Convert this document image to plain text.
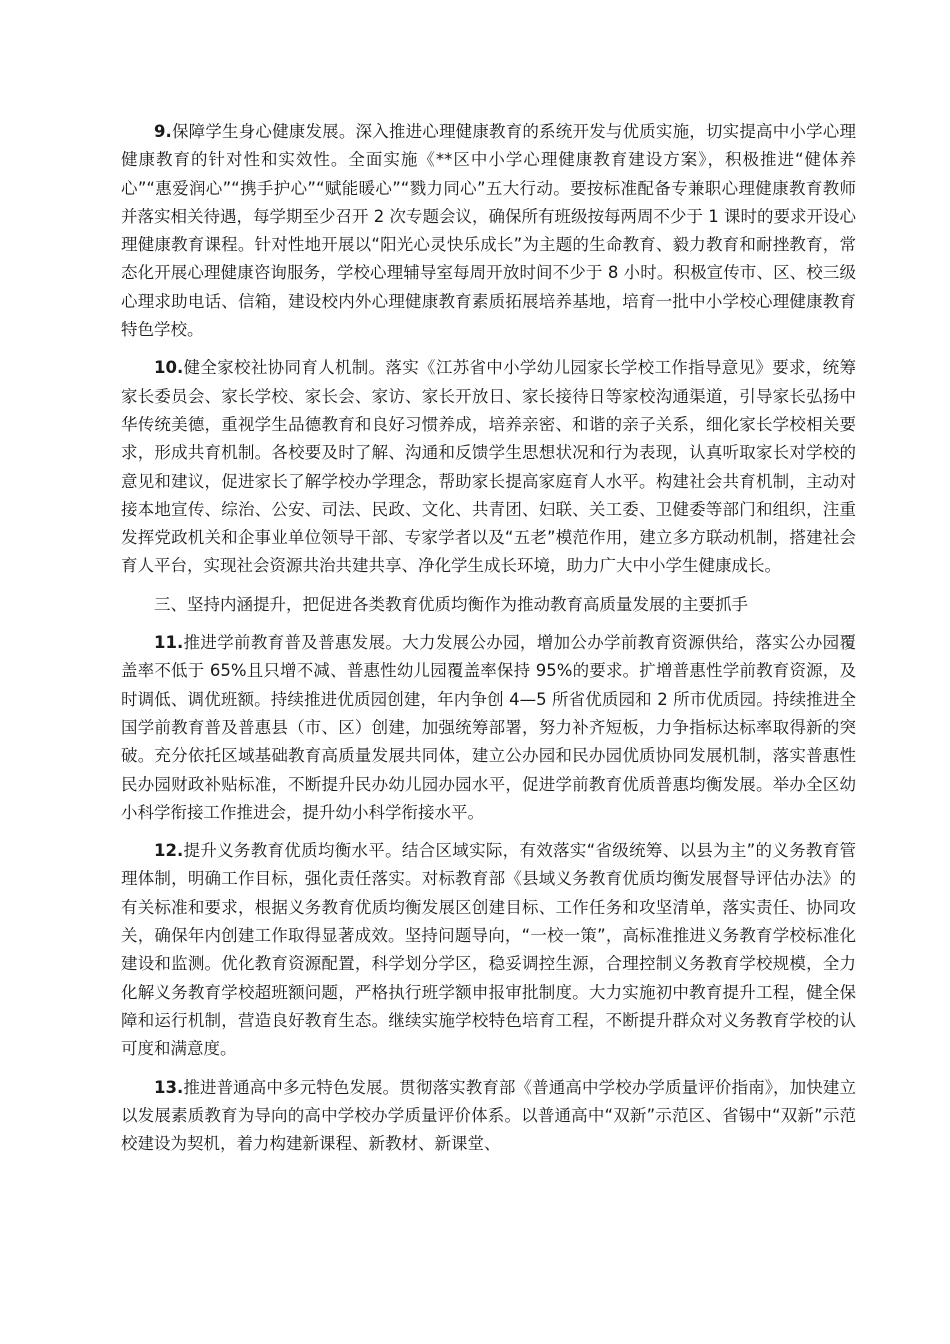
9.保障学生身心健康发展。深入推进心理健康教育的系统开发与优质实施，切实提高中小学心理健康教育的针对性和实效性。全面实施《**区中小学心理健康教育建设方案》，积极推进“健体养心”“惠爱润心”“携手护心”“赋能暖心”“戮力同心”五大行动。要按标准配备专兼职心理健康教育教师并落实相关待遇，每学期至少召开 2 次专题会议，确保所有班级按每两周不少于 1 课时的要求开设心理健康教育课程。针对性地开展以“阳光心灵快乐成长”为主题的生命教育、毅力教育和耐挫教育，常态化开展心理健康咨询服务，学校心理辅导室每周开放时间不少于 8 小时。积极宣传市、区、校三级心理求助电话、信箱，建设校内外心理健康教育素质拓展培养基地，培育一批中小学校心理健康教育特色学校。

10.健全家校社协同育人机制。落实《江苏省中小学幼儿园家长学校工作指导意见》要求，统筹家长委员会、家长学校、家长会、家访、家长开放日、家长接待日等家校沟通渠道，引导家长弘扬中华传统美德，重视学生品德教育和良好习惯养成，培养亲密、和谐的亲子关系，细化家长学校相关要求，形成共育机制。各校要及时了解、沟通和反馈学生思想状况和行为表现，认真听取家长对学校的意见和建议，促进家长了解学校办学理念，帮助家长提高家庭育人水平。构建社会共育机制，主动对接本地宣传、综治、公安、司法、民政、文化、共青团、妇联、关工委、卫健委等部门和组织，注重发挥党政机关和企事业单位领导干部、专家学者以及“五老”模范作用，建立多方联动机制，搭建社会育人平台，实现社会资源共治共建共享、净化学生成长环境，助力广大中小学生健康成长。

三、坚持内涵提升，把促进各类教育优质均衡作为推动教育高质量发展的主要抓手

11.推进学前教育普及普惠发展。大力发展公办园，增加公办学前教育资源供给，落实公办园覆盖率不低于 65%且只增不减、普惠性幼儿园覆盖率保持 95%的要求。扩增普惠性学前教育资源，及时调低、调优班额。持续推进优质园创建，年内争创 4—5 所省优质园和 2 所市优质园。持续推进全国学前教育普及普惠县（市、区）创建，加强统筹部署，努力补齐短板，力争指标达标率取得新的突破。充分依托区域基础教育高质量发展共同体，建立公办园和民办园优质协同发展机制，落实普惠性民办园财政补贴标准，不断提升民办幼儿园办园水平，促进学前教育优质普惠均衡发展。举办全区幼小科学衔接工作推进会，提升幼小科学衔接水平。

12.提升义务教育优质均衡水平。结合区域实际，有效落实“省级统筹、以县为主”的义务教育管理体制，明确工作目标，强化责任落实。对标教育部《县域义务教育优质均衡发展督导评估办法》的有关标准和要求，根据义务教育优质均衡发展区创建目标、工作任务和攻坚清单，落实责任、协同攻关，确保年内创建工作取得显著成效。坚持问题导向，“一校一策”，高标准推进义务教育学校标准化建设和监测。优化教育资源配置，科学划分学区，稳妥调控生源，合理控制义务教育学校规模，全力化解义务教育学校超班额问题，严格执行班学额申报审批制度。大力实施初中教育提升工程，健全保障和运行机制，营造良好教育生态。继续实施学校特色培育工程，不断提升群众对义务教育学校的认可度和满意度。

13.推进普通高中多元特色发展。贯彻落实教育部《普通高中学校办学质量评价指南》，加快建立以发展素质教育为导向的高中学校办学质量评价体系。以普通高中“双新”示范区、省锡中“双新”示范校建设为契机，着力构建新课程、新教材、新课堂、
